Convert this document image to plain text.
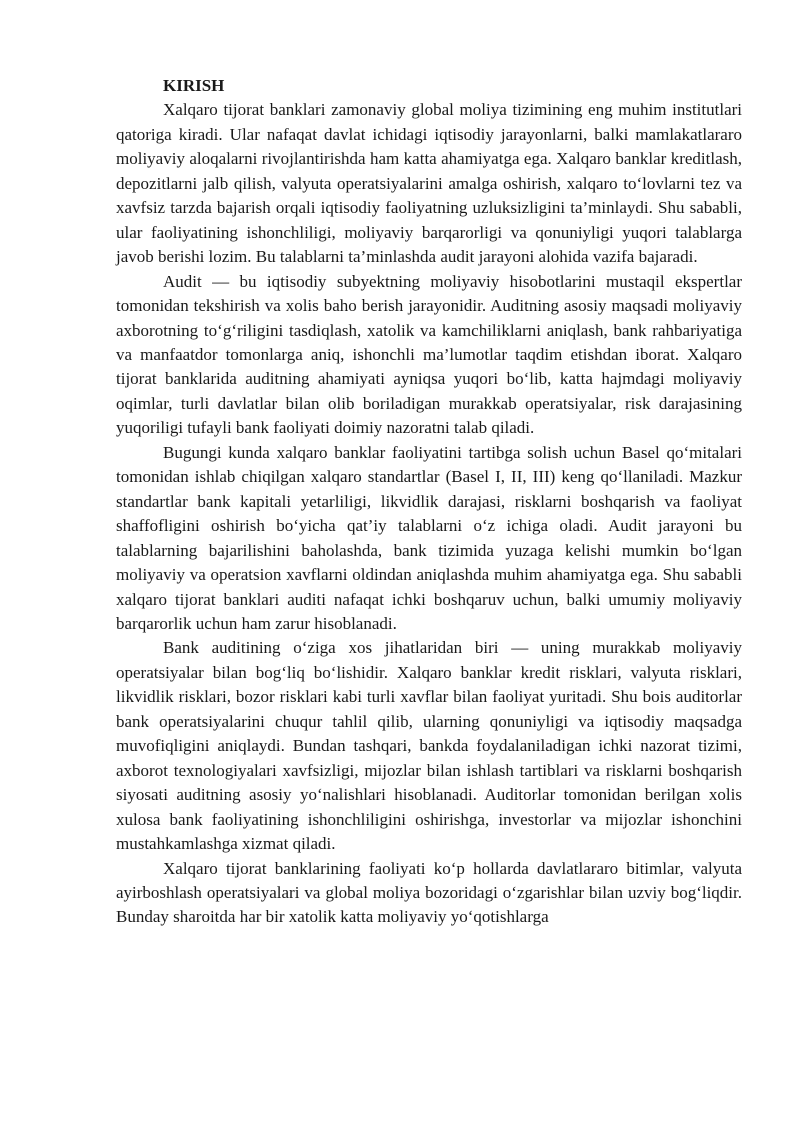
KIRISH

Xalqaro tijorat banklari zamonaviy global moliya tizimining eng muhim institutlari qatoriga kiradi. Ular nafaqat davlat ichidagi iqtisodiy jarayonlarni, balki mamlakatlararo moliyaviy aloqalarni rivojlantirishda ham katta ahamiyatga ega. Xalqaro banklar kreditlash, depozitlarni jalb qilish, valyuta operatsiyalarini amalga oshirish, xalqaro to‘lovlarni tez va xavfsiz tarzda bajarish orqali iqtisodiy faoliyatning uzluksizligini ta’minlaydi. Shu sababli, ular faoliyatining ishonchliligi, moliyaviy barqarorligi va qonuniyligi yuqori talablarga javob berishi lozim. Bu talablarni ta’minlashda audit jarayoni alohida vazifa bajaradi.

Audit — bu iqtisodiy subyektning moliyaviy hisobotlarini mustaqil ekspertlar tomonidan tekshirish va xolis baho berish jarayonidir. Auditning asosiy maqsadi moliyaviy axborotning to‘g‘riligini tasdiqlash, xatolik va kamchiliklarni aniqlash, bank rahbariyatiga va manfaatdor tomonlarga aniq, ishonchli ma’lumotlar taqdim etishdan iborat. Xalqaro tijorat banklarida auditning ahamiyati ayniqsa yuqori bo‘lib, katta hajmdagi moliyaviy oqimlar, turli davlatlar bilan olib boriladigan murakkab operatsiyalar, risk darajasining yuqoriligi tufayli bank faoliyati doimiy nazoratni talab qiladi.

Bugungi kunda xalqaro banklar faoliyatini tartibga solish uchun Basel qo‘mitalari tomonidan ishlab chiqilgan xalqaro standartlar (Basel I, II, III) keng qo‘llaniladi. Mazkur standartlar bank kapitali yetarliligi, likvidlik darajasi, risklarni boshqarish va faoliyat shaffofligini oshirish bo‘yicha qat’iy talablarni o‘z ichiga oladi. Audit jarayoni bu talablarning bajarilishini baholashda, bank tizimida yuzaga kelishi mumkin bo‘lgan moliyaviy va operatsion xavflarni oldindan aniqlashda muhim ahamiyatga ega. Shu sababli xalqaro tijorat banklari auditi nafaqat ichki boshqaruv uchun, balki umumiy moliyaviy barqarorlik uchun ham zarur hisoblanadi.

Bank auditining o‘ziga xos jihatlaridan biri — uning murakkab moliyaviy operatsiyalar bilan bog‘liq bo‘lishidir. Xalqaro banklar kredit risklari, valyuta risklari, likvidlik risklari, bozor risklari kabi turli xavflar bilan faoliyat yuritadi. Shu bois auditorlar bank operatsiyalarini chuqur tahlil qilib, ularning qonuniyligi va iqtisodiy maqsadga muvofiqligini aniqlaydi. Bundan tashqari, bankda foydalaniladigan ichki nazorat tizimi, axborot texnologiyalari xavfsizligi, mijozlar bilan ishlash tartiblari va risklarni boshqarish siyosati auditning asosiy yo‘nalishlari hisoblanadi. Auditorlar tomonidan berilgan xolis xulosa bank faoliyatining ishonchliligini oshirishga, investorlar va mijozlar ishonchini mustahkamlashga xizmat qiladi.

Xalqaro tijorat banklarining faoliyati ko‘p hollarda davlatlararo bitimlar, valyuta ayirboshlash operatsiyalari va global moliya bozoridagi o‘zgarishlar bilan uzviy bog‘liqdir. Bunday sharoitda har bir xatolik katta moliyaviy yo‘qotishlarga
